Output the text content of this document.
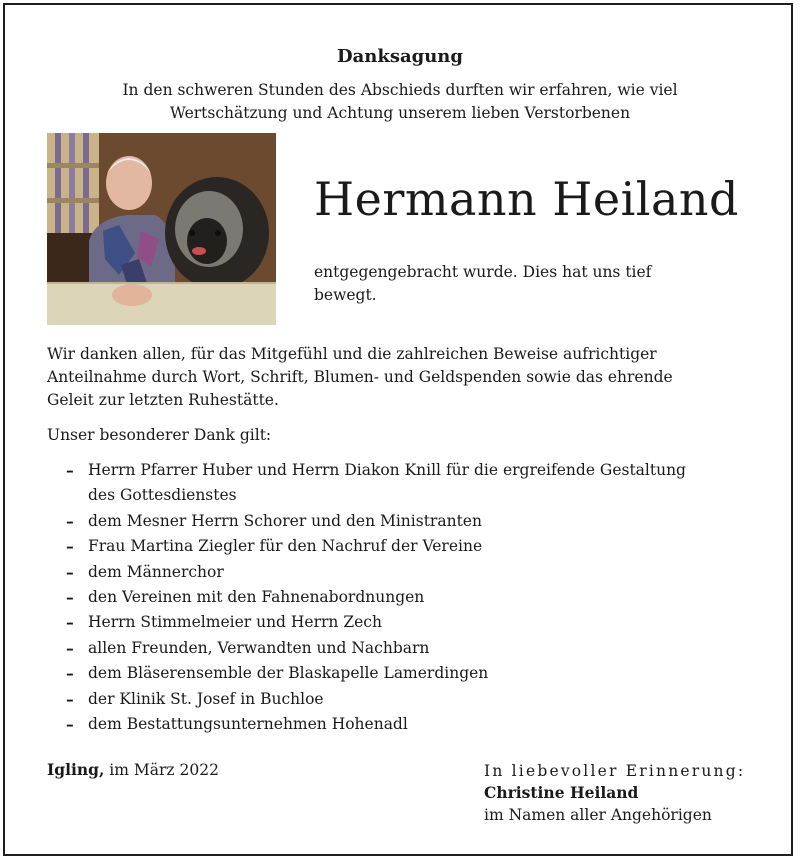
Danksagung
In den schweren Stunden des Abschieds durften wir erfahren, wie viel
Wertschätzung und Achtung unserem lieben Verstorbenen
Hermann Heiland
entgegengebracht wurde. Dies hat uns tief
bewegt.
Wir danken allen, für das Mitgefühl und die zahlreichen Beweise aufrichtiger
Anteilnahme durch Wort, Schrift, Blumen- und Geldspenden sowie das ehrende
Geleit zur letzten Ruhestätte.
Unser besonderer Dank gilt:
– Herrn Pfarrer Huber und Herrn Diakon Knill für die ergreifende Gestaltung
des Gottesdienstes
– dem Mesner Herrn Schorer und den Ministranten
– Frau Martina Ziegler für den Nachruf der Vereine
– dem Männerchor
– den Vereinen mit den Fahnenabordnungen
– Herrn Stimmelmeier und Herrn Zech
– allen Freunden, Verwandten und Nachbarn
– dem Bläserensemble der Blaskapelle Lamerdingen
– der Klinik St. Josef in Buchloe
– dem Bestattungsunternehmen Hohenadl
Igling, im März 2022	In liebevoller Erinnerung:
Christine Heiland
im Namen aller Angehörigen
